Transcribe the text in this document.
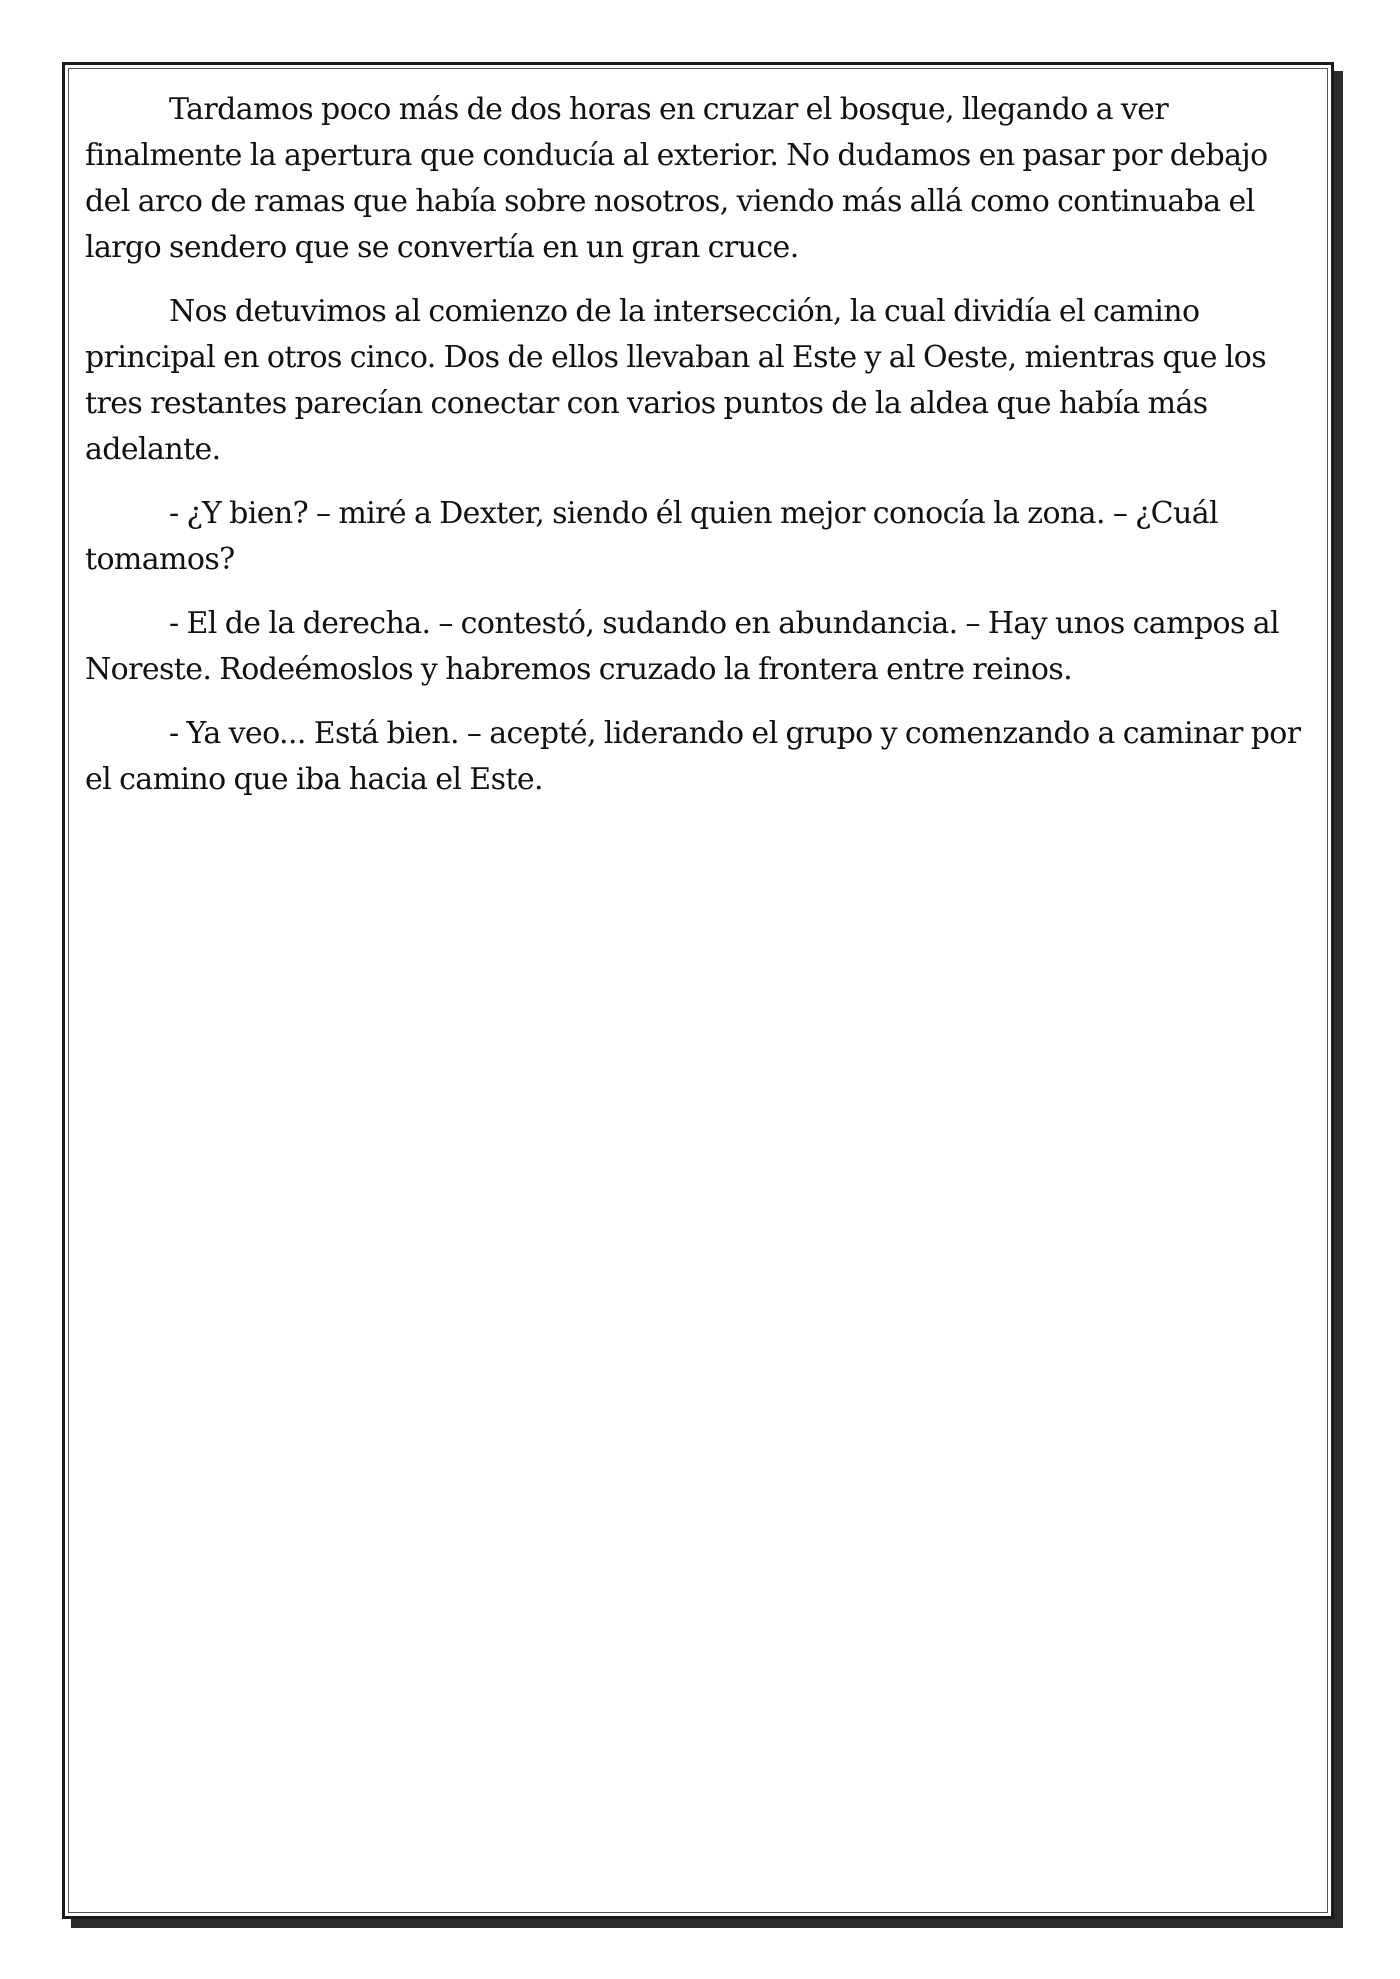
Tardamos poco más de dos horas en cruzar el bosque, llegando a ver finalmente la apertura que conducía al exterior. No dudamos en pasar por debajo del arco de ramas que había sobre nosotros, viendo más allá como continuaba el largo sendero que se convertía en un gran cruce.

Nos detuvimos al comienzo de la intersección, la cual dividía el camino principal en otros cinco. Dos de ellos llevaban al Este y al Oeste, mientras que los tres restantes parecían conectar con varios puntos de la aldea que había más adelante.

- ¿Y bien? – miré a Dexter, siendo él quien mejor conocía la zona. – ¿Cuál tomamos?

- El de la derecha. – contestó, sudando en abundancia. – Hay unos campos al Noreste. Rodeémoslos y habremos cruzado la frontera entre reinos.

- Ya veo... Está bien. – acepté, liderando el grupo y comenzando a caminar por el camino que iba hacia el Este.
